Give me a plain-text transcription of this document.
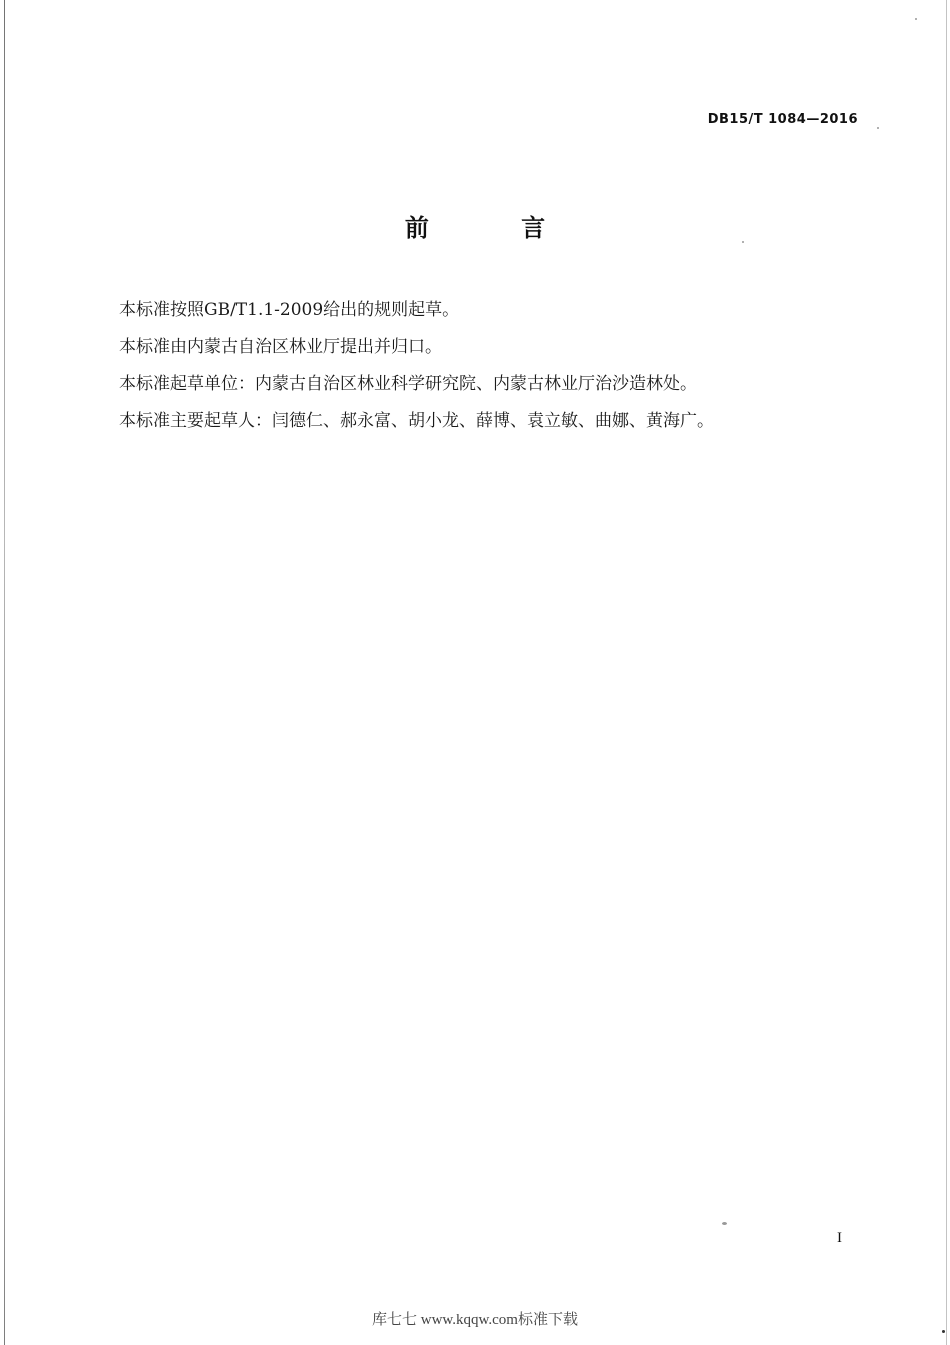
DB15/T 1084—2016
前 言
本标准按照GB/T1.1-2009给出的规则起草。
本标准由内蒙古自治区林业厅提出并归口。
本标准起草单位：内蒙古自治区林业科学研究院、内蒙古林业厅治沙造林处。
本标准主要起草人：闫德仁、郝永富、胡小龙、薛博、袁立敏、曲娜、黄海广。
I
库七七 www.kqqw.com标准下载
